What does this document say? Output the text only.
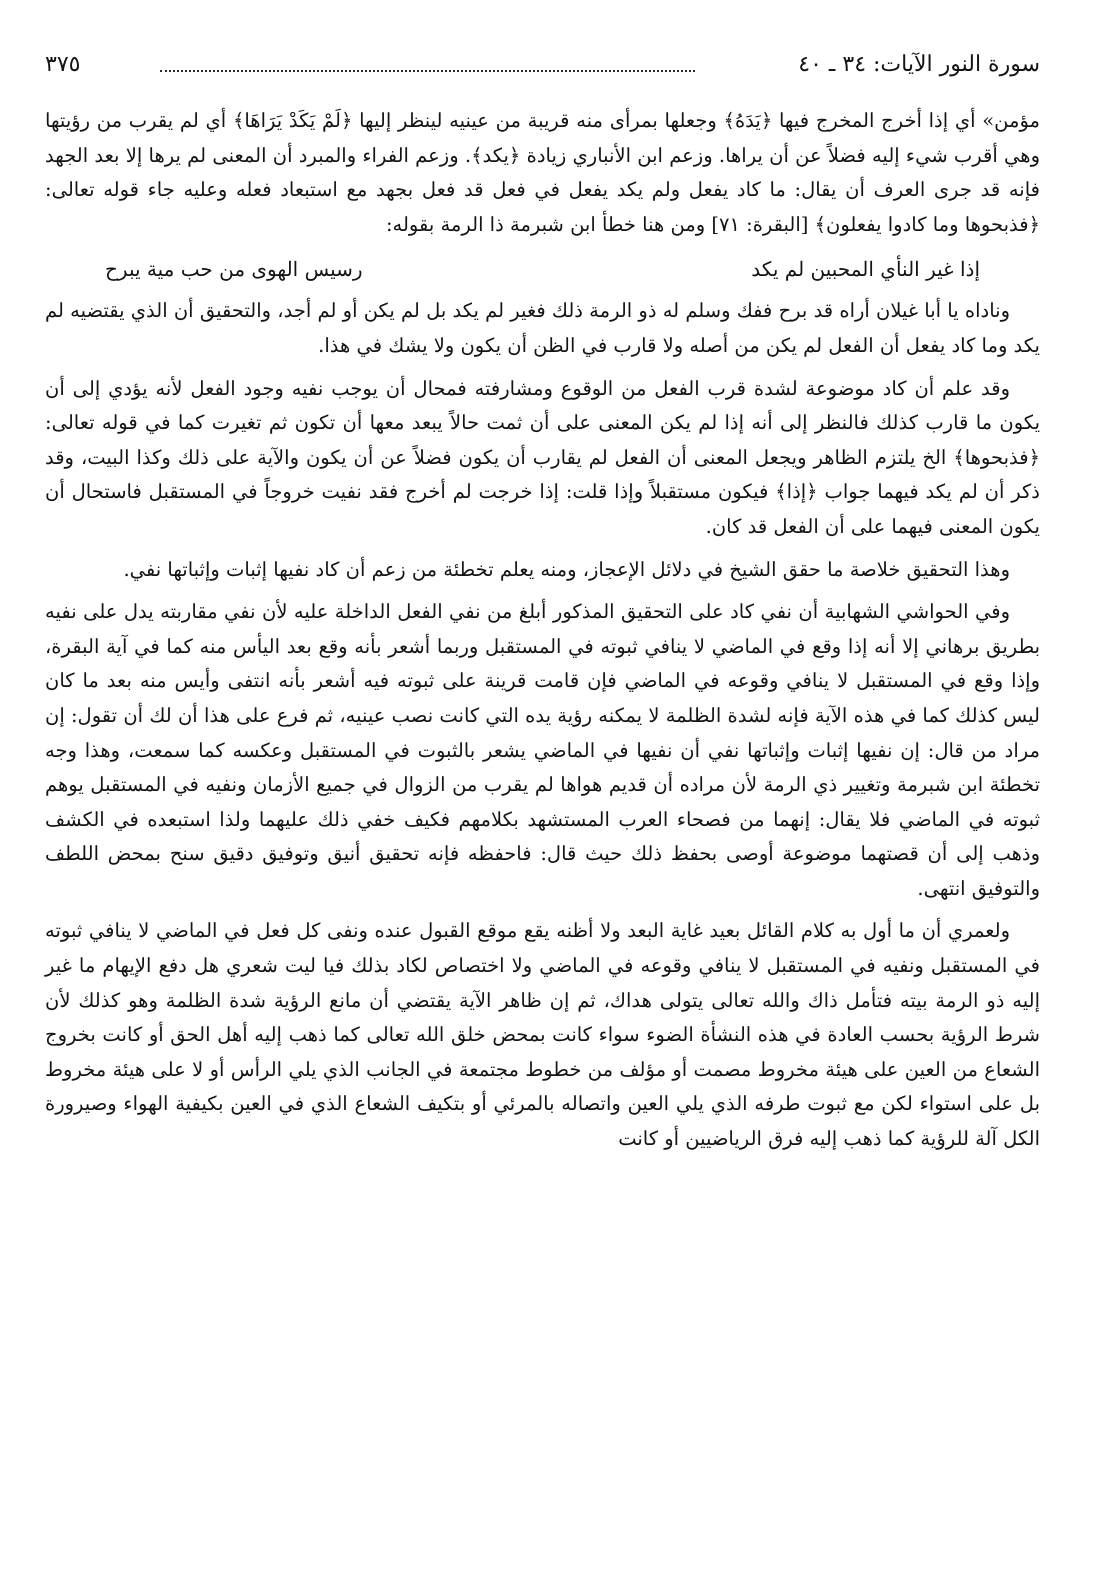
سورة النور الآيات: ٣٤ ـ ٤٠
٣٧٥

مؤمن» أي إذا أخرج المخرج فيها ﴿يَدَهُ﴾ وجعلها بمرأى منه قريبة من عينيه لينظر إليها ﴿لَمْ يَكَدْ يَرَاهَا﴾ أي لم يقرب من رؤيتها وهي أقرب شيء إليه فضلاً عن أن يراها. وزعم ابن الأنباري زيادة ﴿يكد﴾. وزعم الفراء والمبرد أن المعنى لم يرها إلا بعد الجهد فإنه قد جرى العرف أن يقال: ما كاد يفعل ولم يكد يفعل في فعل قد فعل بجهد مع استبعاد فعله وعليه جاء قوله تعالى: ﴿فذبحوها وما كادوا يفعلون﴾ [البقرة: ٧١] ومن هنا خطأ ابن شبرمة ذا الرمة بقوله:

إذا غير النأي المحبين لم يكد
رسيس الهوى من حب مية يبرح

وناداه يا أبا غيلان أراه قد برح ففك وسلم له ذو الرمة ذلك فغير لم يكد بل لم يكن أو لم أجد، والتحقيق أن الذي يقتضيه لم يكد وما كاد يفعل أن الفعل لم يكن من أصله ولا قارب في الظن أن يكون ولا يشك في هذا.

وقد علم أن كاد موضوعة لشدة قرب الفعل من الوقوع ومشارفته فمحال أن يوجب نفيه وجود الفعل لأنه يؤدي إلى أن يكون ما قارب كذلك فالنظر إلى أنه إذا لم يكن المعنى على أن ثمت حالاً يبعد معها أن تكون ثم تغيرت كما في قوله تعالى: ﴿فذبحوها﴾ الخ يلتزم الظاهر ويجعل المعنى أن الفعل لم يقارب أن يكون فضلاً عن أن يكون والآية على ذلك وكذا البيت، وقد ذكر أن لم يكد فيهما جواب ﴿إذا﴾ فيكون مستقبلاً وإذا قلت: إذا خرجت لم أخرج فقد نفيت خروجاً في المستقبل فاستحال أن يكون المعنى فيهما على أن الفعل قد كان.

وهذا التحقيق خلاصة ما حقق الشيخ في دلائل الإعجاز، ومنه يعلم تخطئة من زعم أن كاد نفيها إثبات وإثباتها نفي.

وفي الحواشي الشهابية أن نفي كاد على التحقيق المذكور أبلغ من نفي الفعل الداخلة عليه لأن نفي مقاربته يدل على نفيه بطريق برهاني إلا أنه إذا وقع في الماضي لا ينافي ثبوته في المستقبل وربما أشعر بأنه وقع بعد اليأس منه كما في آية البقرة، وإذا وقع في المستقبل لا ينافي وقوعه في الماضي فإن قامت قرينة على ثبوته فيه أشعر بأنه انتفى وأيس منه بعد ما كان ليس كذلك كما في هذه الآية فإنه لشدة الظلمة لا يمكنه رؤية يده التي كانت نصب عينيه، ثم فرع على هذا أن لك أن تقول: إن مراد من قال: إن نفيها إثبات وإثباتها نفي أن نفيها في الماضي يشعر بالثبوت في المستقبل وعكسه كما سمعت، وهذا وجه تخطئة ابن شبرمة وتغيير ذي الرمة لأن مراده أن قديم هواها لم يقرب من الزوال في جميع الأزمان ونفيه في المستقبل يوهم ثبوته في الماضي فلا يقال: إنهما من فصحاء العرب المستشهد بكلامهم فكيف خفي ذلك عليهما ولذا استبعده في الكشف وذهب إلى أن قصتهما موضوعة أوصى بحفظ ذلك حيث قال: فاحفظه فإنه تحقيق أنيق وتوفيق دقيق سنح بمحض اللطف والتوفيق انتهى.

ولعمري أن ما أول به كلام القائل بعيد غاية البعد ولا أظنه يقع موقع القبول عنده ونفى كل فعل في الماضي لا ينافي ثبوته في المستقبل ونفيه في المستقبل لا ينافي وقوعه في الماضي ولا اختصاص لكاد بذلك فيا ليت شعري هل دفع الإيهام ما غير إليه ذو الرمة بيته فتأمل ذاك والله تعالى يتولى هداك، ثم إن ظاهر الآية يقتضي أن مانع الرؤية شدة الظلمة وهو كذلك لأن شرط الرؤية بحسب العادة في هذه النشأة الضوء سواء كانت بمحض خلق الله تعالى كما ذهب إليه أهل الحق أو كانت بخروج الشعاع من العين على هيئة مخروط مصمت أو مؤلف من خطوط مجتمعة في الجانب الذي يلي الرأس أو لا على هيئة مخروط بل على استواء لكن مع ثبوت طرفه الذي يلي العين واتصاله بالمرئي أو بتكيف الشعاع الذي في العين بكيفية الهواء وصيرورة الكل آلة للرؤية كما ذهب إليه فرق الرياضيين أو كانت
